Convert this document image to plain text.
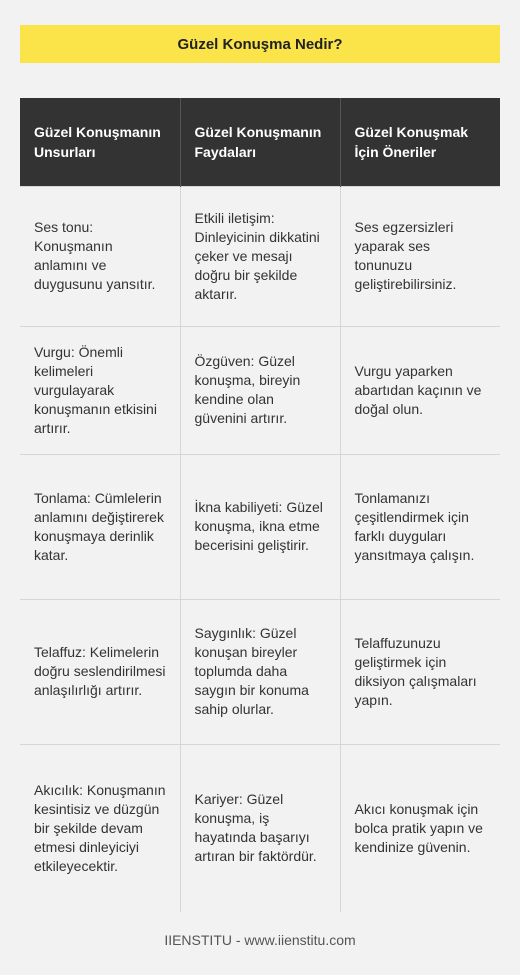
Güzel Konuşma Nedir?
Güzel Konuşmanın Unsurları	Güzel Konuşmanın Faydaları	Güzel Konuşmak İçin Öneriler
Ses tonu: Konuşmanın anlamını ve duygusunu yansıtır.	Etkili iletişim: Dinleyicinin dikkatini çeker ve mesajı doğru bir şekilde aktarır.	Ses egzersizleri yaparak ses tonunuzu geliştirebilirsiniz.
Vurgu: Önemli kelimeleri vurgulayarak konuşmanın etkisini artırır.	Özgüven: Güzel konuşma, bireyin kendine olan güvenini artırır.	Vurgu yaparken abartıdan kaçının ve doğal olun.
Tonlama: Cümlelerin anlamını değiştirerek konuşmaya derinlik katar.	İkna kabiliyeti: Güzel konuşma, ikna etme becerisini geliştirir.	Tonlamanızı çeşitlendirmek için farklı duyguları yansıtmaya çalışın.
Telaffuz: Kelimelerin doğru seslendirilmesi anlaşılırlığı artırır.	Saygınlık: Güzel konuşan bireyler toplumda daha saygın bir konuma sahip olurlar.	Telaffuzunuzu geliştirmek için diksiyon çalışmaları yapın.
Akıcılık: Konuşmanın kesintisiz ve düzgün bir şekilde devam etmesi dinleyiciyi etkileyecektir.	Kariyer: Güzel konuşma, iş hayatında başarıyı artıran bir faktördür.	Akıcı konuşmak için bolca pratik yapın ve kendinize güvenin.
IIENSTITU - www.iienstitu.com
